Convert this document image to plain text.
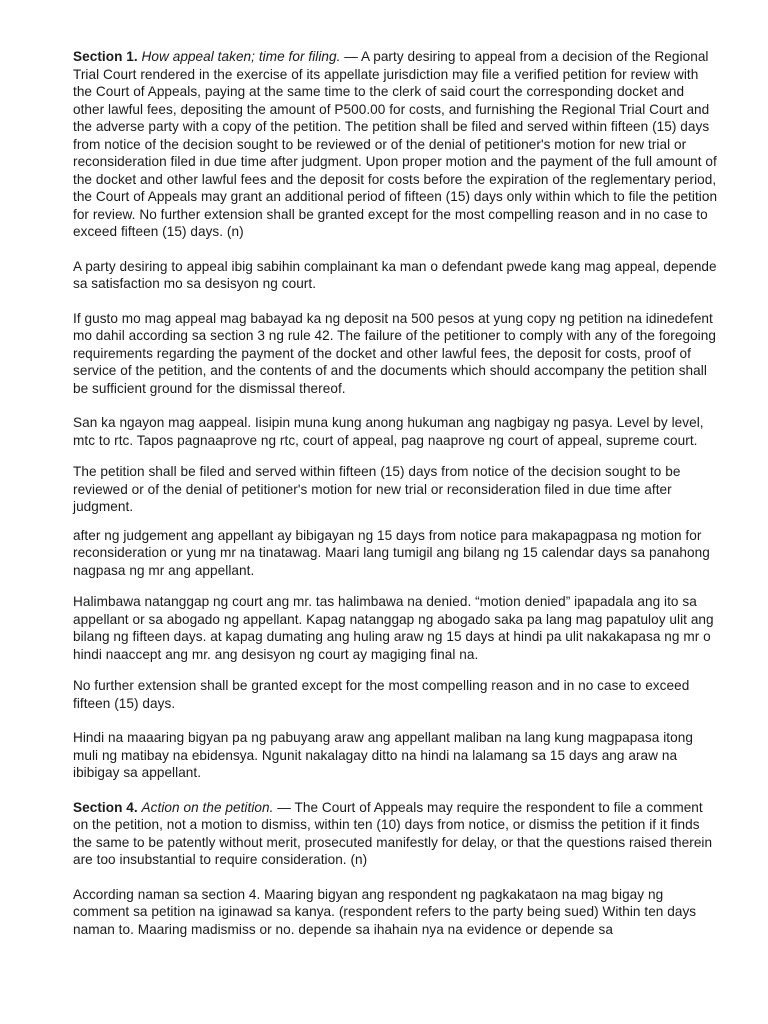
Section 1. How appeal taken; time for filing. — A party desiring to appeal from a decision of the Regional Trial Court rendered in the exercise of its appellate jurisdiction may file a verified petition for review with the Court of Appeals, paying at the same time to the clerk of said court the corresponding docket and other lawful fees, depositing the amount of P500.00 for costs, and furnishing the Regional Trial Court and the adverse party with a copy of the petition. The petition shall be filed and served within fifteen (15) days from notice of the decision sought to be reviewed or of the denial of petitioner's motion for new trial or reconsideration filed in due time after judgment. Upon proper motion and the payment of the full amount of the docket and other lawful fees and the deposit for costs before the expiration of the reglementary period, the Court of Appeals may grant an additional period of fifteen (15) days only within which to file the petition for review. No further extension shall be granted except for the most compelling reason and in no case to exceed fifteen (15) days. (n)

A party desiring to appeal ibig sabihin complainant ka man o defendant pwede kang mag appeal, depende sa satisfaction mo sa desisyon ng court.

If gusto mo mag appeal mag babayad ka ng deposit na 500 pesos at yung copy ng petition na idinedefent mo dahil according sa section 3 ng rule 42. The failure of the petitioner to comply with any of the foregoing requirements regarding the payment of the docket and other lawful fees, the deposit for costs, proof of service of the petition, and the contents of and the documents which should accompany the petition shall be sufficient ground for the dismissal thereof.

San ka ngayon mag aappeal. Iisipin muna kung anong hukuman ang nagbigay ng pasya. Level by level, mtc to rtc. Tapos pagnaaprove ng rtc, court of appeal, pag naaprove ng court of appeal, supreme court.

The petition shall be filed and served within fifteen (15) days from notice of the decision sought to be reviewed or of the denial of petitioner's motion for new trial or reconsideration filed in due time after judgment.

after ng judgement ang appellant ay bibigayan ng 15 days from notice para makapagpasa ng motion for reconsideration or yung mr na tinatawag. Maari lang tumigil ang bilang ng 15 calendar days sa panahong nagpasa ng mr ang appellant.

Halimbawa natanggap ng court ang mr. tas halimbawa na denied. “motion denied” ipapadala ang ito sa appellant or sa abogado ng appellant. Kapag natanggap ng abogado saka pa lang mag papatuloy ulit ang bilang ng fifteen days. at kapag dumating ang huling araw ng 15 days at hindi pa ulit nakakapasa ng mr o hindi naaccept ang mr. ang desisyon ng court ay magiging final na.

No further extension shall be granted except for the most compelling reason and in no case to exceed fifteen (15) days.

Hindi na maaaring bigyan pa ng pabuyang araw ang appellant maliban na lang kung magpapasa itong muli ng matibay na ebidensya. Ngunit nakalagay ditto na hindi na lalamang sa 15 days ang araw na ibibigay sa appellant.

Section 4. Action on the petition. — The Court of Appeals may require the respondent to file a comment on the petition, not a motion to dismiss, within ten (10) days from notice, or dismiss the petition if it finds the same to be patently without merit, prosecuted manifestly for delay, or that the questions raised therein are too insubstantial to require consideration. (n)

According naman sa section 4. Maaring bigyan ang respondent ng pagkakataon na mag bigay ng comment sa petition na iginawad sa kanya. (respondent refers to the party being sued) Within ten days naman to. Maaring madismiss or no. depende sa ihahain nya na evidence or depende sa
